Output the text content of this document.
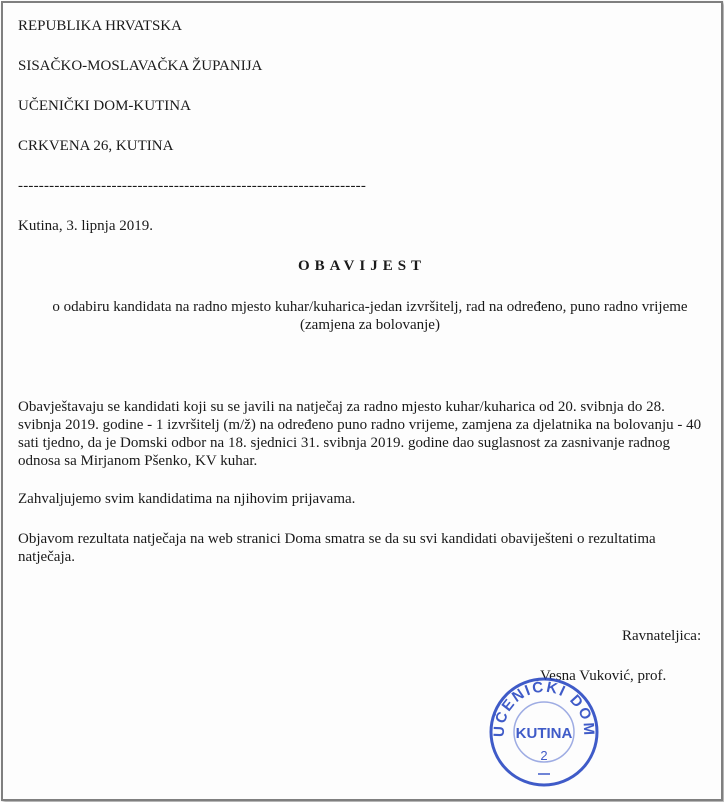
REPUBLIKA HRVATSKA
SISAČKO-MOSLAVAČKA ŽUPANIJA
UČENIČKI DOM-KUTINA
CRKVENA 26, KUTINA
-------------------------------------------------------------------
Kutina, 3. lipnja 2019.
OBAVIJEST
o odabiru kandidata na radno mjesto kuhar/kuharica-jedan izvršitelj, rad na određeno, puno radno vrijeme
(zamjena za bolovanje)
Obavještavaju se kandidati koji su se javili na natječaj za radno mjesto kuhar/kuharica od 20. svibnja do 28. svibnja 2019. godine - 1 izvršitelj (m/ž) na određeno puno radno vrijeme, zamjena za djelatnika na bolovanju - 40 sati tjedno, da je Domski odbor na 18. sjednici 31. svibnja 2019. godine dao suglasnost za zasnivanje radnog odnosa sa Mirjanom Pšenko, KV kuhar.
Zahvaljujemo svim kandidatima na njihovim prijavama.
Objavom rezultata natječaja na web stranici Doma smatra se da su svi kandidati obaviješteni o rezultatima natječaja.
Ravnateljica:
Vesna Vuković, prof.
UČENIČKI DOM
KUTINA
2
